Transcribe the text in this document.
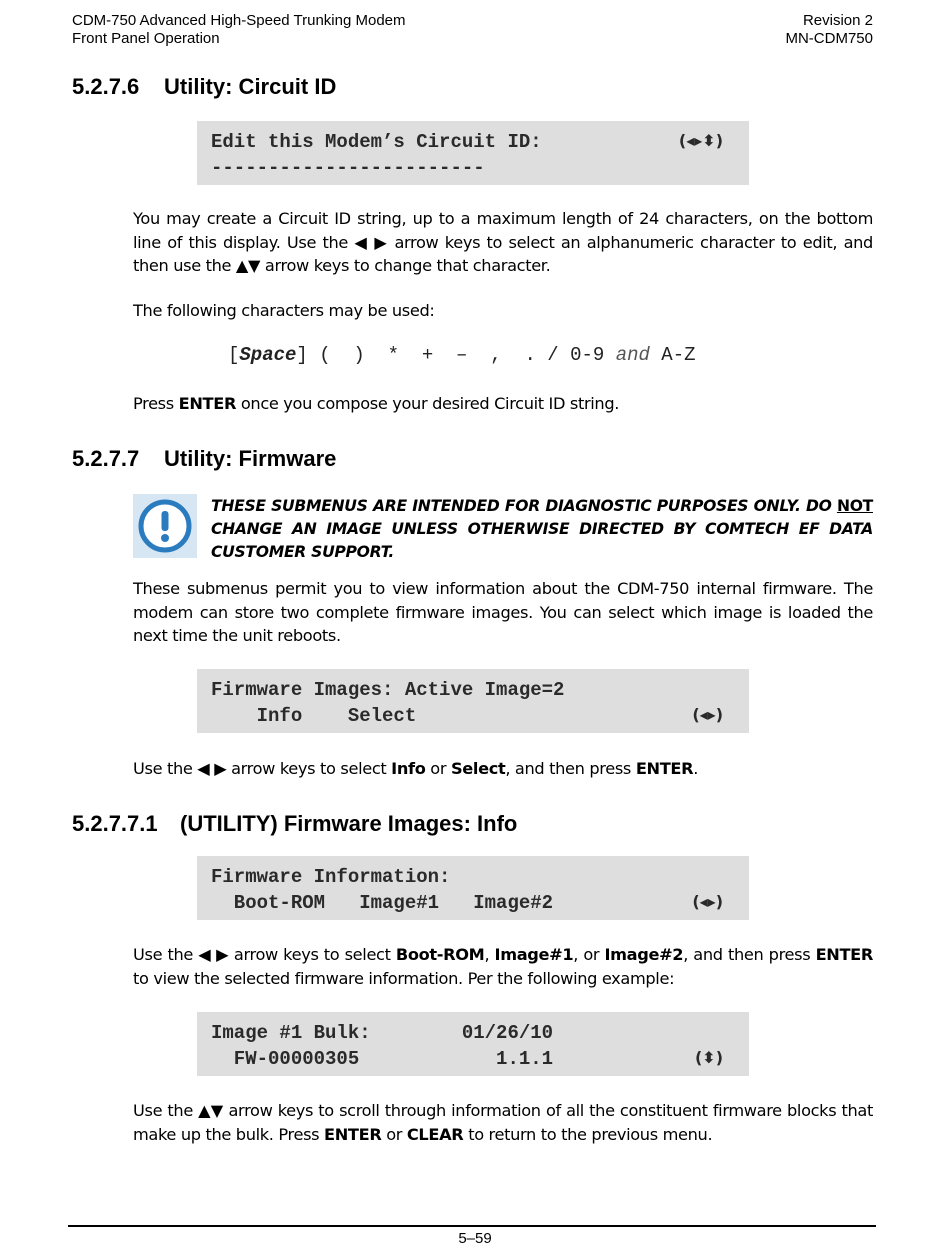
CDM-750 Advanced High-Speed Trunking Modem
Front Panel Operation
Revision 2
MN-CDM750
5.2.7.6 Utility: Circuit ID

Edit this Modem’s Circuit ID:

------------------------

(◂▸⬍)

You may create a Circuit ID string, up to a maximum length of 24 characters, on the bottom line of this display. Use the ◀ ▶ arrow keys to select an alphanumeric character to edit, and then use the ▲▼ arrow keys to change that character.
The following characters may be used:
[Space] (  )  *  +  –  ,  . / 0-9 and A-Z
Press ENTER once you compose your desired Circuit ID string.
5.2.7.7 Utility: Firmware
THESE SUBMENUS ARE INTENDED FOR DIAGNOSTIC PURPOSES ONLY. DO NOT CHANGE AN IMAGE UNLESS OTHERWISE DIRECTED BY COMTECH EF DATA CUSTOMER SUPPORT.
These submenus permit you to view information about the CDM-750 internal firmware. The modem can store two complete firmware images. You can select which image is loaded the next time the unit reboots.

Firmware Images: Active Image=2

Info    Select

	(◂▸)

Use the ◀ ▶ arrow keys to select Info or Select, and then press ENTER.
5.2.7.7.1 (UTILITY) Firmware Images: Info

Firmware Information:

Boot-ROM   Image#1   Image#2

	(◂▸)

Use the ◀ ▶ arrow keys to select Boot-ROM, Image#1, or Image#2, and then press ENTER to view the selected firmware information. Per the following example:

Image #1 Bulk:        01/26/10

FW-00000305            1.1.1

	(⬍)

Use the ▲▼ arrow keys to scroll through information of all the constituent firmware blocks that make up the bulk. Press ENTER or CLEAR to return to the previous menu.
5–59
